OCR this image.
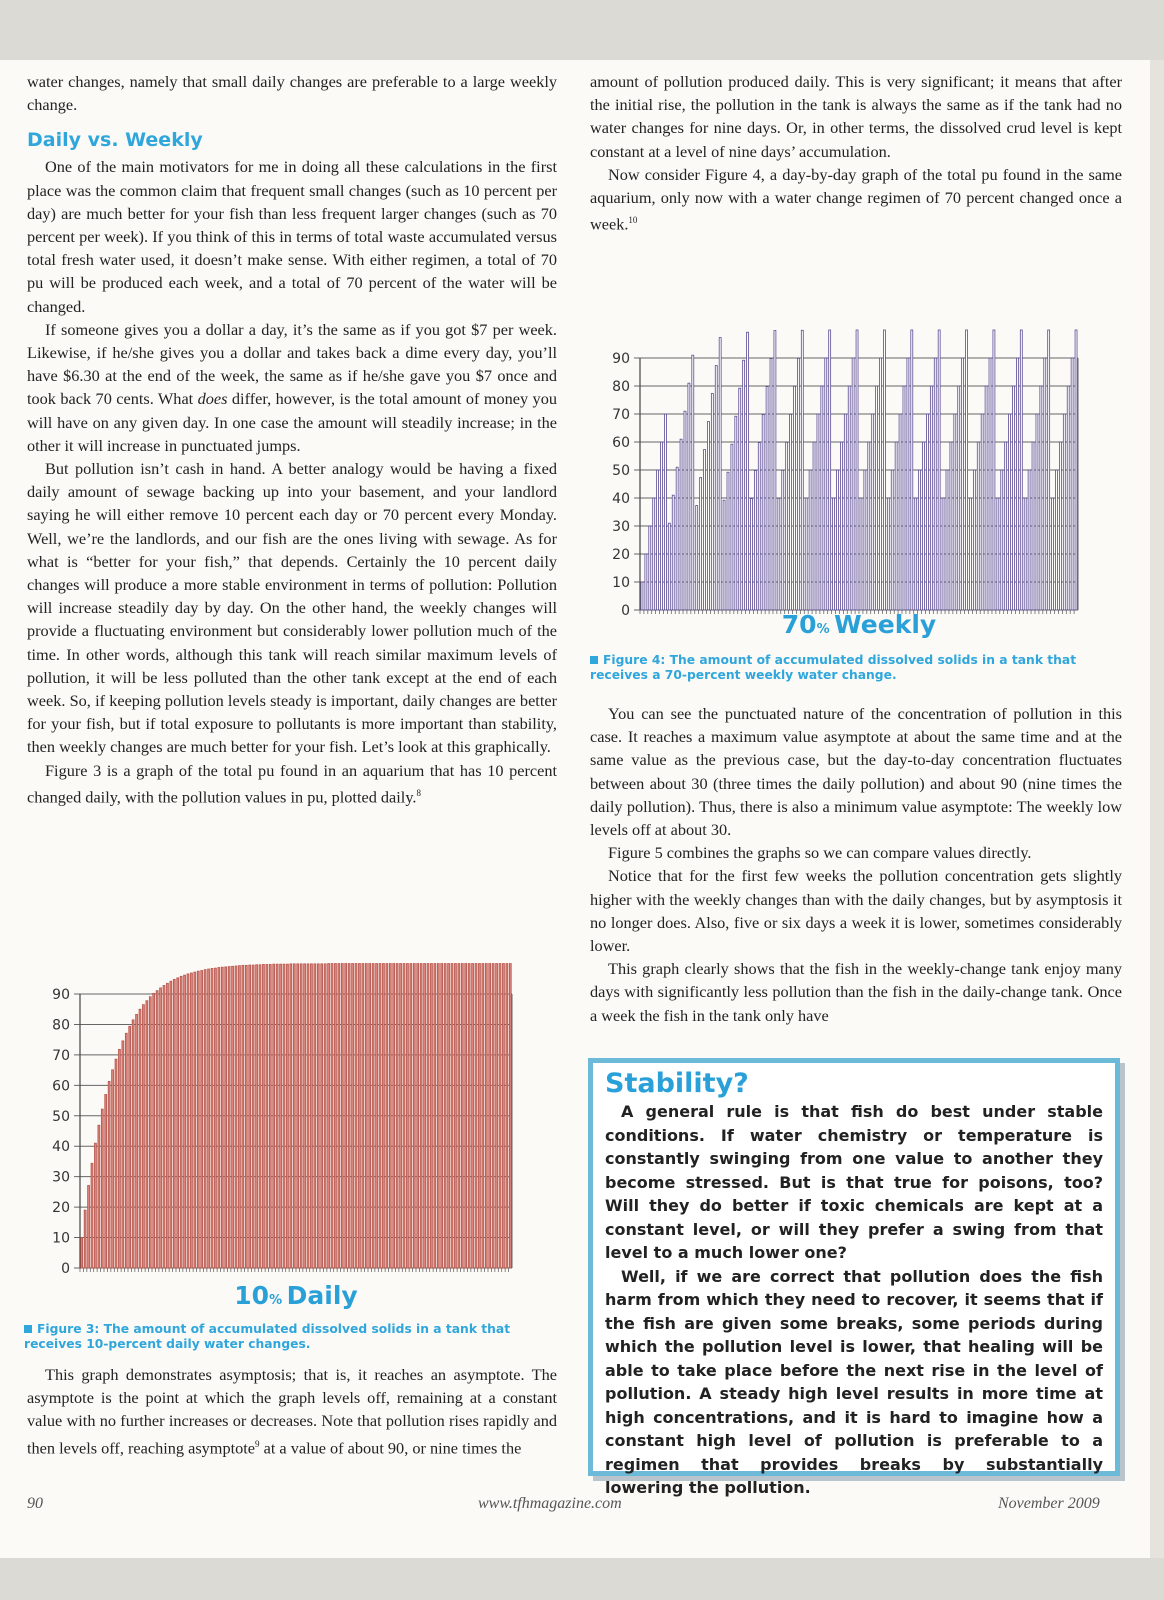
water changes, namely that small daily changes are preferable to a large weekly change.

Daily vs. Weekly

One of the main motivators for me in doing all these calculations in the first place was the common claim that frequent small changes (such as 10 percent per day) are much better for your fish than less frequent larger changes (such as 70 percent per week). If you think of this in terms of total waste accumulated versus total fresh water used, it doesn’t make sense. With either regimen, a total of 70 pu will be produced each week, and a total of 70 percent of the water will be changed.

If someone gives you a dollar a day, it’s the same as if you got $7 per week. Likewise, if he/she gives you a dollar and takes back a dime every day, you’ll have $6.30 at the end of the week, the same as if he/she gave you $7 once and took back 70 cents. What does differ, however, is the total amount of money you will have on any given day. In one case the amount will steadily increase; in the other it will increase in punctuated jumps.

But pollution isn’t cash in hand. A better analogy would be having a fixed daily amount of sewage backing up into your basement, and your landlord saying he will either remove 10 percent each day or 70 percent every Monday. Well, we’re the landlords, and our fish are the ones living with sewage. As for what is “better for your fish,” that depends. Certainly the 10 percent daily changes will produce a more stable environment in terms of pollution: Pollution will increase steadily day by day. On the other hand, the weekly changes will provide a fluctuating environment but considerably lower pollution much of the time. In other words, although this tank will reach similar maximum levels of pollution, it will be less polluted than the other tank except at the end of each week. So, if keeping pollution levels steady is important, daily changes are better for your fish, but if total exposure to pollutants is more important than stability, then weekly changes are much better for your fish. Let’s look at this graphically.

Figure 3 is a graph of the total pu found in an aquarium that has 10 percent changed daily, with the pollution values in pu, plotted daily.$^8$

0
10
20
30
40
50
60
70
80
90
10% Daily
Figure 3: The amount of accumulated dissolved solids in a tank that receives 10-percent daily water changes.

This graph demonstrates asymptosis; that is, it reaches an asymptote. The asymptote is the point at which the graph levels off, remaining at a constant value with no further increases or decreases. Note that pollution rises rapidly and then levels off, reaching asymptote$^9$ at a value of about 90, or nine times the

amount of pollution produced daily. This is very significant; it means that after the initial rise, the pollution in the tank is always the same as if the tank had no water changes for nine days. Or, in other terms, the dissolved crud level is kept constant at a level of nine days’ accumulation.

Now consider Figure 4, a day-by-day graph of the total pu found in the same aquarium, only now with a water change regimen of 70 percent changed once a week.$^{10}$

0
10
20
30
40
50
60
70
80
90
70% Weekly
Figure 4: The amount of accumulated dissolved solids in a tank that receives a 70-percent weekly water change.

You can see the punctuated nature of the concentration of pollution in this case. It reaches a maximum value asymptote at about the same time and at the same value as the previous case, but the day-to-day concentration fluctuates between about 30 (three times the daily pollution) and about 90 (nine times the daily pollution). Thus, there is also a minimum value asymptote: The weekly low levels off at about 30.

Figure 5 combines the graphs so we can compare values directly.

Notice that for the first few weeks the pollution concentration gets slightly higher with the weekly changes than with the daily changes, but by asymptosis it no longer does. Also, five or six days a week it is lower, sometimes considerably lower.

This graph clearly shows that the fish in the weekly-change tank enjoy many days with significantly less pollution than the fish in the daily-change tank. Once a week the fish in the tank only have

Stability?

A general rule is that fish do best under stable conditions. If water chemistry or temperature is constantly swinging from one value to another they become stressed. But is that true for poisons, too? Will they do better if toxic chemicals are kept at a constant level, or will they prefer a swing from that level to a much lower one?

Well, if we are correct that pollution does the fish harm from which they need to recover, it seems that if the fish are given some breaks, some periods during which the pollution level is lower, that healing will be able to take place before the next rise in the level of pollution. A steady high level results in more time at high concentrations, and it is hard to imagine how a constant high level of pollution is preferable to a regimen that provides breaks by substantially lowering the pollution.

90	www.tfhmagazine.com	November 2009
